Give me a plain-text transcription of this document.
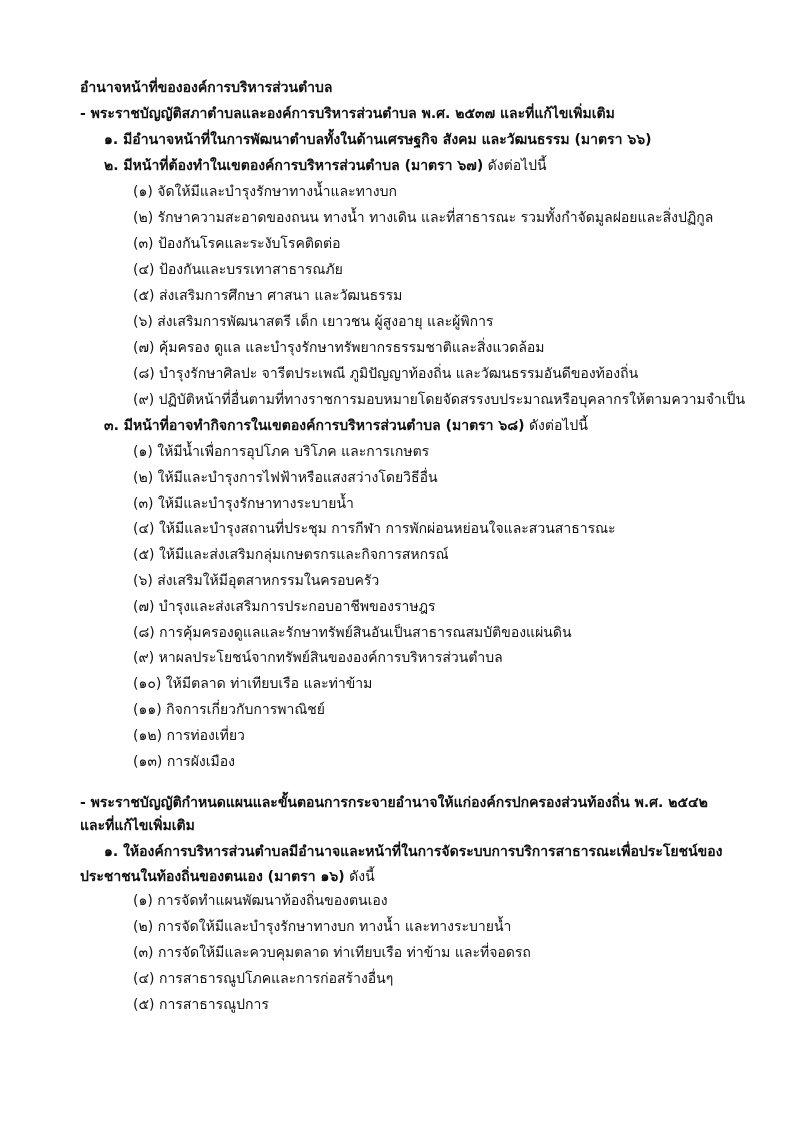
อำนาจหน้าที่ขององค์การบริหารส่วนตำบล
- พระราชบัญญัติสภาตำบลและองค์การบริหารส่วนตำบล พ.ศ. ๒๕๓๗ และที่แก้ไขเพิ่มเติม
๑. มีอำนาจหน้าที่ในการพัฒนาตำบลทั้งในด้านเศรษฐกิจ สังคม และวัฒนธรรม (มาตรา ๖๖)
๒. มีหน้าที่ต้องทำในเขตองค์การบริหารส่วนตำบล (มาตรา ๖๗) ดังต่อไปนี้
(๑) จัดให้มีและบำรุงรักษาทางน้ำและทางบก
(๒) รักษาความสะอาดของถนน ทางน้ำ ทางเดิน และที่สาธารณะ รวมทั้งกำจัดมูลฝอยและสิ่งปฏิกูล
(๓) ป้องกันโรคและระงับโรคติดต่อ
(๔) ป้องกันและบรรเทาสาธารณภัย
(๕) ส่งเสริมการศึกษา ศาสนา และวัฒนธรรม
(๖) ส่งเสริมการพัฒนาสตรี เด็ก เยาวชน ผู้สูงอายุ และผู้พิการ
(๗) คุ้มครอง ดูแล และบำรุงรักษาทรัพยากรธรรมชาติและสิ่งแวดล้อม
(๘) บำรุงรักษาศิลปะ จารีตประเพณี ภูมิปัญญาท้องถิ่น และวัฒนธรรมอันดีของท้องถิ่น
(๙) ปฏิบัติหน้าที่อื่นตามที่ทางราชการมอบหมายโดยจัดสรรงบประมาณหรือบุคลากรให้ตามความจำเป็น
๓. มีหน้าที่อาจทำกิจการในเขตองค์การบริหารส่วนตำบล (มาตรา ๖๘) ดังต่อไปนี้
(๑) ให้มีน้ำเพื่อการอุปโภค บริโภค และการเกษตร
(๒) ให้มีและบำรุงการไฟฟ้าหรือแสงสว่างโดยวิธีอื่น
(๓) ให้มีและบำรุงรักษาทางระบายน้ำ
(๔) ให้มีและบำรุงสถานที่ประชุม การกีฬา การพักผ่อนหย่อนใจและสวนสาธารณะ
(๕) ให้มีและส่งเสริมกลุ่มเกษตรกรและกิจการสหกรณ์
(๖) ส่งเสริมให้มีอุตสาหกรรมในครอบครัว
(๗) บำรุงและส่งเสริมการประกอบอาชีพของราษฎร
(๘) การคุ้มครองดูแลและรักษาทรัพย์สินอันเป็นสาธารณสมบัติของแผ่นดิน
(๙) หาผลประโยชน์จากทรัพย์สินขององค์การบริหารส่วนตำบล
(๑๐) ให้มีตลาด ท่าเทียบเรือ และท่าข้าม
(๑๑) กิจการเกี่ยวกับการพาณิชย์
(๑๒) การท่องเที่ยว
(๑๓) การผังเมือง
- พระราชบัญญัติกำหนดแผนและขั้นตอนการกระจายอำนาจให้แก่องค์กรปกครองส่วนท้องถิ่น พ.ศ. ๒๕๔๒
และที่แก้ไขเพิ่มเติม
๑. ให้องค์การบริหารส่วนตำบลมีอำนาจและหน้าที่ในการจัดระบบการบริการสาธารณะเพื่อประโยชน์ของ
ประชาชนในท้องถิ่นของตนเอง (มาตรา ๑๖) ดังนี้
(๑) การจัดทำแผนพัฒนาท้องถิ่นของตนเอง
(๒) การจัดให้มีและบำรุงรักษาทางบก ทางน้ำ และทางระบายน้ำ
(๓) การจัดให้มีและควบคุมตลาด ท่าเทียบเรือ ท่าข้าม และที่จอดรถ
(๔) การสาธารณูปโภคและการก่อสร้างอื่นๆ
(๕) การสาธารณูปการ
